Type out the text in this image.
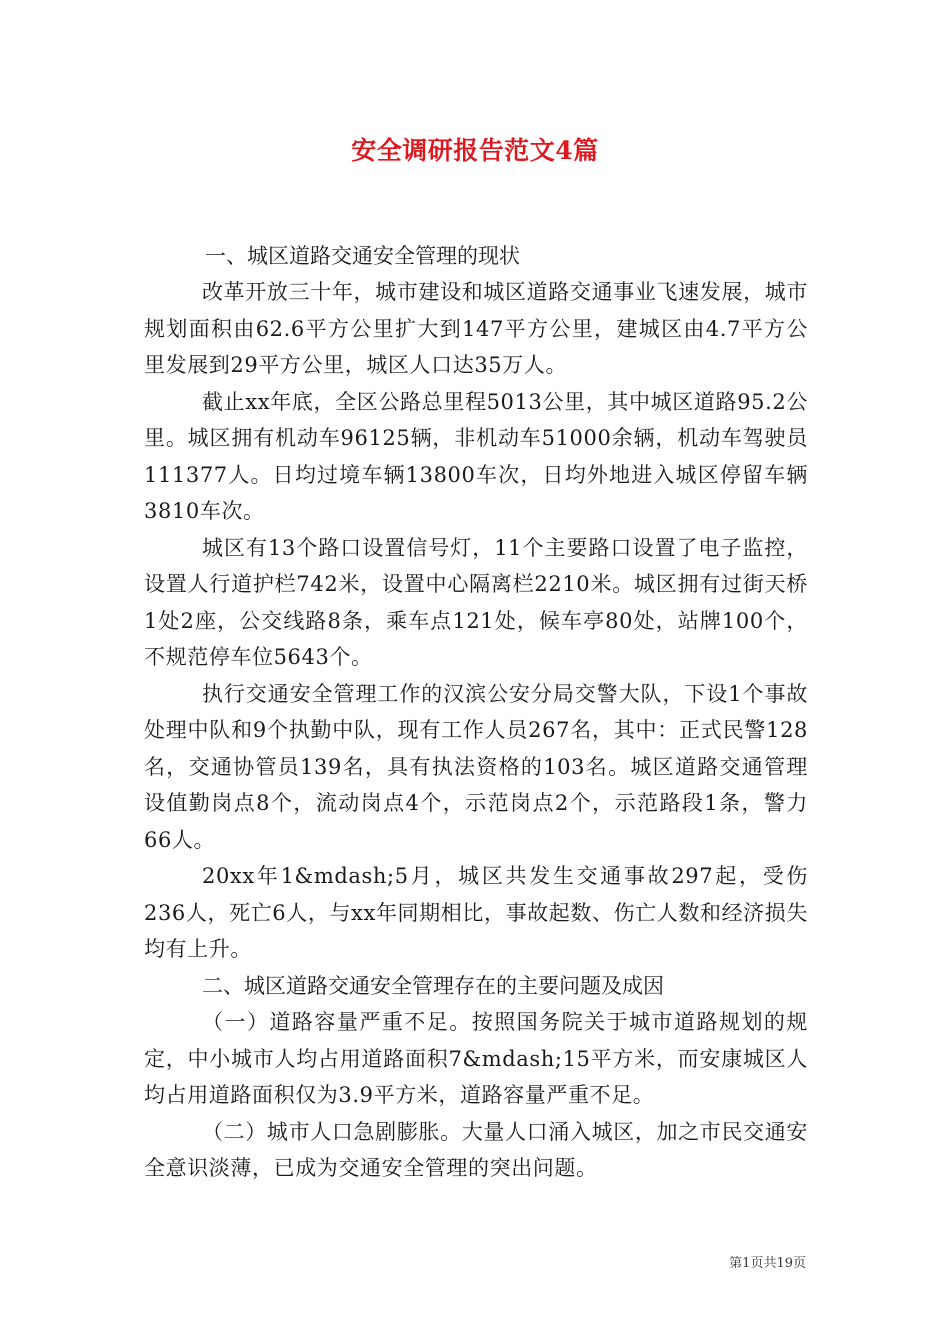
安全调研报告范文4篇

一、城区道路交通安全管理的现状

改革开放三十年，城市建设和城区道路交通事业飞速发展，城市规划面积由62.6平方公里扩大到147平方公里，建城区由4.7平方公里发展到29平方公里，城区人口达35万人。

截止xx年底，全区公路总里程5013公里，其中城区道路95.2公里。城区拥有机动车96125辆，非机动车51000余辆，机动车驾驶员111377人。日均过境车辆13800车次，日均外地进入城区停留车辆3810车次。

城区有13个路口设置信号灯，11个主要路口设置了电子监控，设置人行道护栏742米，设置中心隔离栏2210米。城区拥有过街天桥1处2座，公交线路8条，乘车点121处，候车亭80处，站牌100个，不规范停车位5643个。

执行交通安全管理工作的汉滨公安分局交警大队，下设1个事故处理中队和9个执勤中队，现有工作人员267名，其中：正式民警128名，交通协管员139名，具有执法资格的103名。城区道路交通管理设值勤岗点8个，流动岗点4个，示范岗点2个，示范路段1条，警力66人。

20xx年1&mdash;5月，城区共发生交通事故297起，受伤236人，死亡6人，与xx年同期相比，事故起数、伤亡人数和经济损失均有上升。

二、城区道路交通安全管理存在的主要问题及成因

（一）道路容量严重不足。按照国务院关于城市道路规划的规定，中小城市人均占用道路面积7&mdash;15平方米，而安康城区人均占用道路面积仅为3.9平方米，道路容量严重不足。

（二）城市人口急剧膨胀。大量人口涌入城区，加之市民交通安全意识淡薄，已成为交通安全管理的突出问题。

第1页共19页
